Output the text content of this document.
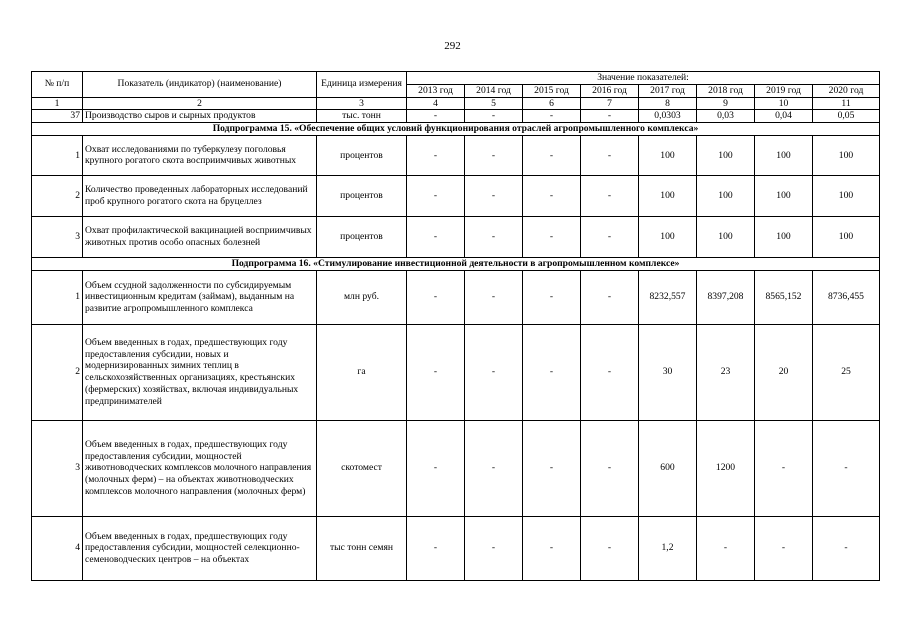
292
№ п/п	Показатель (индикатор) (наименование)	Единица измерения	Значение показателей:							
			2013 год	2014 год	2015 год	2016 год	2017 год	2018 год	2019 год	2020 год
1	2	3	4	5	6	7	8	9	10	11
37	Производство сыров и сырных продуктов	тыс. тонн	-	-	-	-	0,0303	0,03	0,04	0,05
Подпрограмма 15. «Обеспечение общих условий функционирования отраслей агропромышленного комплекса»										
1	Охват исследованиями по туберкулезу поголовья крупного рогатого скота восприимчивых животных	процентов	-	-	-	-	100	100	100	100
2	Количество проведенных лабораторных исследований проб крупного рогатого скота на бруцеллез	процентов	-	-	-	-	100	100	100	100
3	Охват профилактической вакцинацией восприимчивых животных против особо опасных болезней	процентов	-	-	-	-	100	100	100	100
Подпрограмма 16. «Стимулирование инвестиционной деятельности в агропромышленном комплексе»										
1	Объем ссудной задолженности по субсидируемым инвестиционным кредитам (займам), выданным на развитие агропромышленного комплекса	млн руб.	-	-	-	-	8232,557	8397,208	8565,152	8736,455
2	Объем введенных в годах, предшествующих году предоставления субсидии, новых и модернизированных зимних теплиц в сельскохозяйственных организациях, крестьянских (фермерских) хозяйствах, включая индивидуальных предпринимателей	га	-	-	-	-	30	23	20	25
3	Объем введенных в годах, предшествующих году предоставления субсидии, мощностей животноводческих комплексов молочного направления (молочных ферм) – на объектах животноводческих комплексов молочного направления (молочных ферм)	скотомест	-	-	-	-	600	1200	-	-
4	Объем введенных в годах, предшествующих году предоставления субсидии, мощностей селекционно-семеноводческих центров – на объектах	тыс тонн семян	-	-	-	-	1,2	-	-	-
